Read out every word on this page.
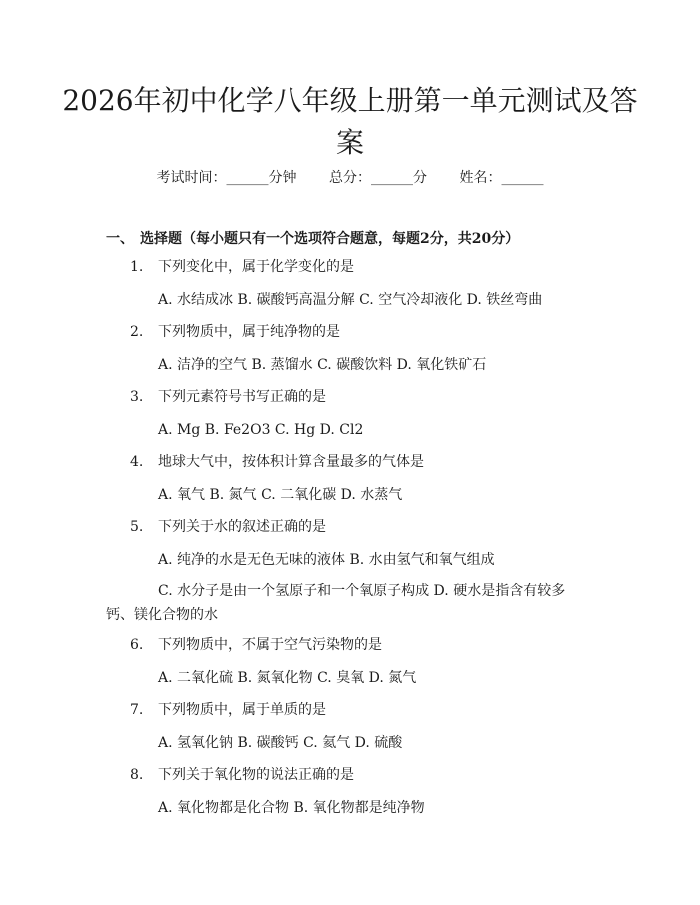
2026年初中化学八年级上册第一单元测试及答案
考试时间：______分钟 总分：______分 姓名：______
一、 选择题（每小题只有一个选项符合题意，每题2分，共20分）
1. 下列变化中，属于化学变化的是
A. 水结成冰 B. 碳酸钙高温分解 C. 空气冷却液化 D. 铁丝弯曲
2. 下列物质中，属于纯净物的是
A. 洁净的空气 B. 蒸馏水 C. 碳酸饮料 D. 氧化铁矿石
3. 下列元素符号书写正确的是
A. Mg B. Fe2O3 C. Hg D. Cl2
4. 地球大气中，按体积计算含量最多的气体是
A. 氧气 B. 氮气 C. 二氧化碳 D. 水蒸气
5. 下列关于水的叙述正确的是
A. 纯净的水是无色无味的液体 B. 水由氢气和氧气组成
C. 水分子是由一个氢原子和一个氧原子构成 D. 硬水是指含有较多钙、镁化合物的水
6. 下列物质中，不属于空气污染物的是
A. 二氧化硫 B. 氮氧化物 C. 臭氧 D. 氮气
7. 下列物质中，属于单质的是
A. 氢氧化钠 B. 碳酸钙 C. 氦气 D. 硫酸
8. 下列关于氧化物的说法正确的是
A. 氧化物都是化合物 B. 氧化物都是纯净物
